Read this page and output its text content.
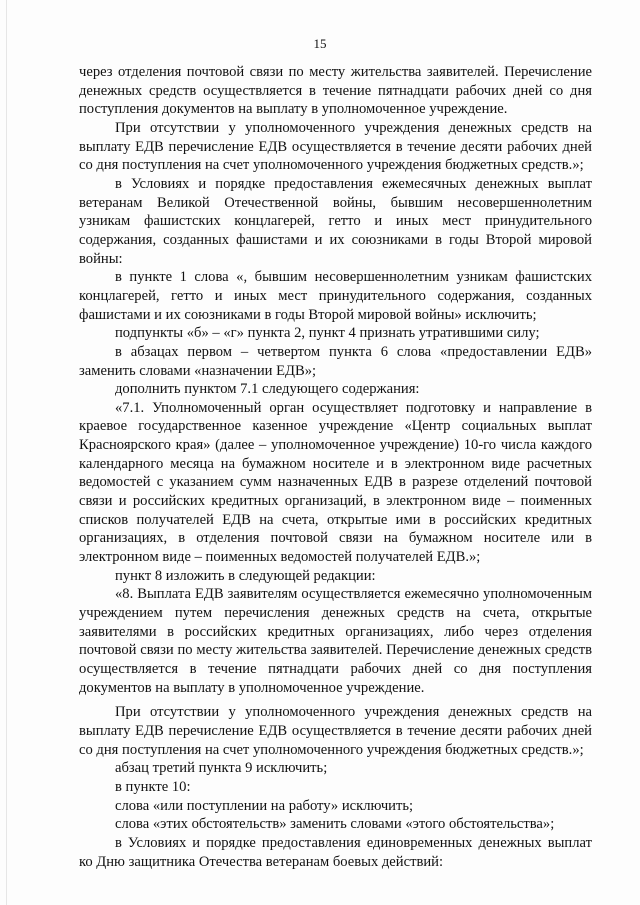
15

через отделения почтовой связи по месту жительства заявителей. Перечисление денежных средств осуществляется в течение пятнадцати рабочих дней со дня поступления документов на выплату в уполномоченное учреждение.

При отсутствии у уполномоченного учреждения денежных средств на выплату ЕДВ перечисление ЕДВ осуществляется в течение десяти рабочих дней со дня поступления на счет уполномоченного учреждения бюджетных средств.»;

в Условиях и порядке предоставления ежемесячных денежных выплат ветеранам Великой Отечественной войны, бывшим несовершеннолетним узникам фашистских концлагерей, гетто и иных мест принудительного содержания, созданных фашистами и их союзниками в годы Второй мировой войны:

в пункте 1 слова «, бывшим несовершеннолетним узникам фашистских концлагерей, гетто и иных мест принудительного содержания, созданных фашистами и их союзниками в годы Второй мировой войны» исключить;

подпункты «б» – «г» пункта 2, пункт 4 признать утратившими силу;

в абзацах первом – четвертом пункта 6 слова «предоставлении ЕДВ» заменить словами «назначении ЕДВ»;

дополнить пунктом 7.1 следующего содержания:

«7.1. Уполномоченный орган осуществляет подготовку и направление в краевое государственное казенное учреждение «Центр социальных выплат Красноярского края» (далее – уполномоченное учреждение) 10-го числа каждого календарного месяца на бумажном носителе и в электронном виде расчетных ведомостей с указанием сумм назначенных ЕДВ в разрезе отделений почтовой связи и российских кредитных организаций, в электронном виде – поименных списков получателей ЕДВ на счета, открытые ими в российских кредитных организациях, в отделения почтовой связи на бумажном носителе или в электронном виде – поименных ведомостей получателей ЕДВ.»;

пункт 8 изложить в следующей редакции:

«8. Выплата ЕДВ заявителям осуществляется ежемесячно уполномоченным учреждением путем перечисления денежных средств на счета, открытые заявителями в российских кредитных организациях, либо через отделения почтовой связи по месту жительства заявителей. Перечисление денежных средств осуществляется в течение пятнадцати рабочих дней со дня поступления документов на выплату в уполномоченное учреждение.

При отсутствии у уполномоченного учреждения денежных средств на выплату ЕДВ перечисление ЕДВ осуществляется в течение десяти рабочих дней со дня поступления на счет уполномоченного учреждения бюджетных средств.»;

абзац третий пункта 9 исключить;

в пункте 10:

слова «или поступлении на работу» исключить;

слова «этих обстоятельств» заменить словами «этого обстоятельства»;

в Условиях и порядке предоставления единовременных денежных выплат ко Дню защитника Отечества ветеранам боевых действий:
